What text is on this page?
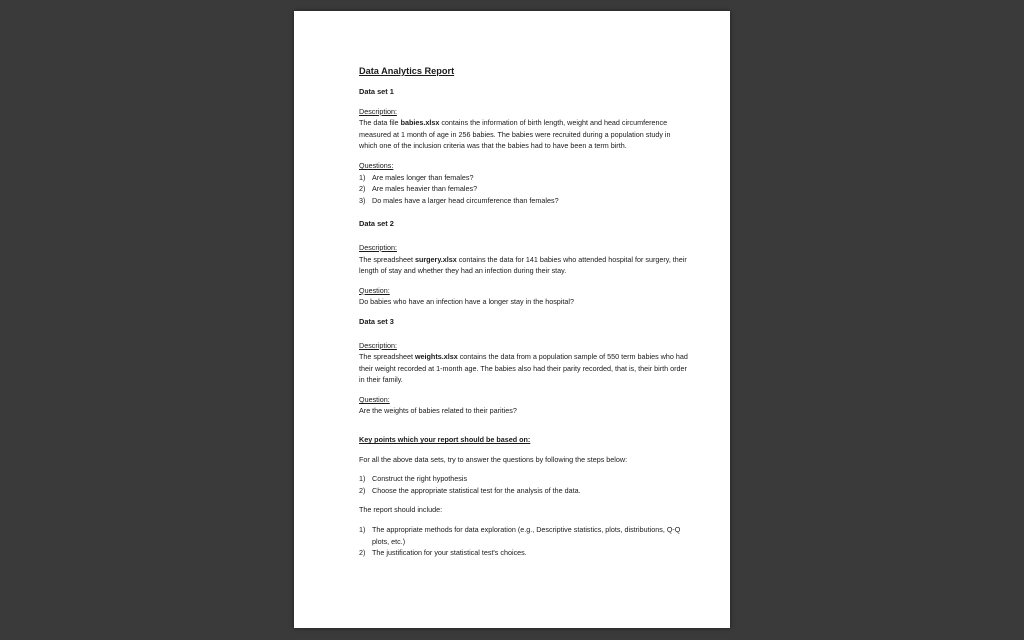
Data Analytics Report

Data set 1

Description:

The data file babies.xlsx contains the information of birth length, weight and head circumference measured at 1 month of age in 256 babies. The babies were recruited during a population study in which one of the inclusion criteria was that the babies had to have been a term birth.

Questions:

1) Are males longer than females?
2) Are males heavier than females?
3) Do males have a larger head circumference than females?

Data set 2

Description:

The spreadsheet surgery.xlsx contains the data for 141 babies who attended hospital for surgery, their length of stay and whether they had an infection during their stay.

Question:

Do babies who have an infection have a longer stay in the hospital?

Data set 3

Description:

The spreadsheet weights.xlsx contains the data from a population sample of 550 term babies who had their weight recorded at 1-month age. The babies also had their parity recorded, that is, their birth order in their family.

Question:

Are the weights of babies related to their parities?

Key points which your report should be based on:

For all the above data sets, try to answer the questions by following the steps below:

1) Construct the right hypothesis
2) Choose the appropriate statistical test for the analysis of the data.

The report should include:

1) The appropriate methods for data exploration (e.g., Descriptive statistics, plots, distributions, Q-Q plots, etc.)
2) The justification for your statistical test's choices.
